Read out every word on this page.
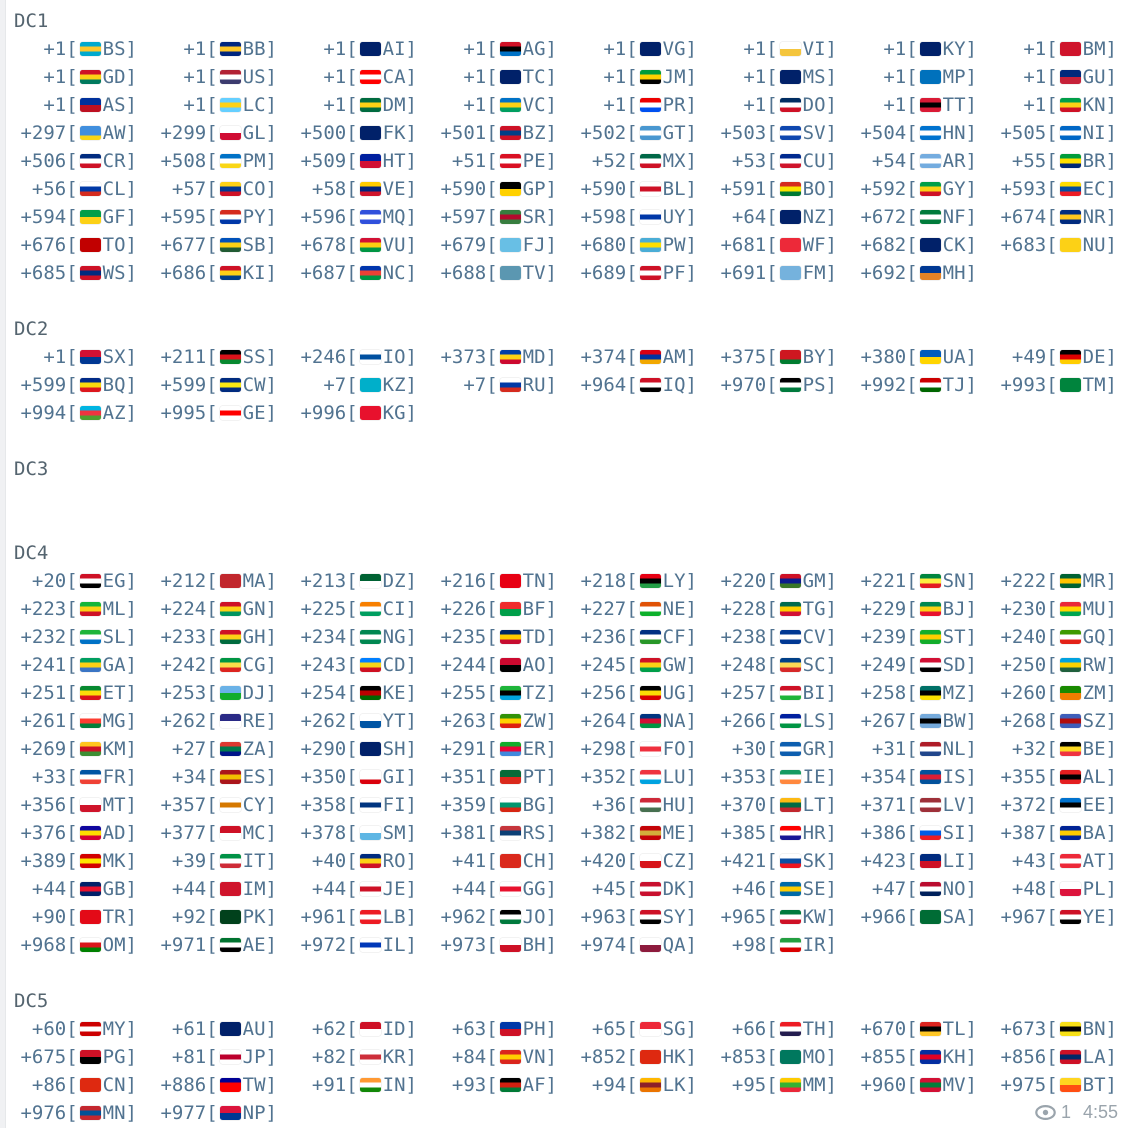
DC1
+1[ BS]	+1[ BB]	+1[ AI]	+1[ AG]	+1[ VG]	+1[ VI]	+1[ KY]	+1[ BM]
+1[ GD]	+1[ US]	+1[ CA]	+1[ TC]	+1[ JM]	+1[ MS]	+1[ MP]	+1[ GU]
+1[ AS]	+1[ LC]	+1[ DM]	+1[ VC]	+1[ PR]	+1[ DO]	+1[ TT]	+1[ KN]
+297[ AW]	+299[ GL]	+500[ FK]	+501[ BZ]	+502[ GT]	+503[ SV]	+504[ HN]	+505[ NI]
+506[ CR]	+508[ PM]	+509[ HT]	+51[ PE]	+52[ MX]	+53[ CU]	+54[ AR]	+55[ BR]
+56[ CL]	+57[ CO]	+58[ VE]	+590[ GP]	+590[ BL]	+591[ BO]	+592[ GY]	+593[ EC]
+594[ GF]	+595[ PY]	+596[ MQ]	+597[ SR]	+598[ UY]	+64[ NZ]	+672[ NF]	+674[ NR]
+676[ TO]	+677[ SB]	+678[ VU]	+679[ FJ]	+680[ PW]	+681[ WF]	+682[ CK]	+683[ NU]
+685[ WS]	+686[ KI]	+687[ NC]	+688[ TV]	+689[ PF]	+691[ FM]	+692[ MH]
DC2
+1[ SX]	+211[ SS]	+246[ IO]	+373[ MD]	+374[ AM]	+375[ BY]	+380[ UA]	+49[ DE]
+599[ BQ]	+599[ CW]	+7[ KZ]	+7[ RU]	+964[ IQ]	+970[ PS]	+992[ TJ]	+993[ TM]
+994[ AZ]	+995[ GE]	+996[ KG]
DC3
DC4
+20[ EG]	+212[ MA]	+213[ DZ]	+216[ TN]	+218[ LY]	+220[ GM]	+221[ SN]	+222[ MR]
+223[ ML]	+224[ GN]	+225[ CI]	+226[ BF]	+227[ NE]	+228[ TG]	+229[ BJ]	+230[ MU]
+232[ SL]	+233[ GH]	+234[ NG]	+235[ TD]	+236[ CF]	+238[ CV]	+239[ ST]	+240[ GQ]
+241[ GA]	+242[ CG]	+243[ CD]	+244[ AO]	+245[ GW]	+248[ SC]	+249[ SD]	+250[ RW]
+251[ ET]	+253[ DJ]	+254[ KE]	+255[ TZ]	+256[ UG]	+257[ BI]	+258[ MZ]	+260[ ZM]
+261[ MG]	+262[ RE]	+262[ YT]	+263[ ZW]	+264[ NA]	+266[ LS]	+267[ BW]	+268[ SZ]
+269[ KM]	+27[ ZA]	+290[ SH]	+291[ ER]	+298[ FO]	+30[ GR]	+31[ NL]	+32[ BE]
+33[ FR]	+34[ ES]	+350[ GI]	+351[ PT]	+352[ LU]	+353[ IE]	+354[ IS]	+355[ AL]
+356[ MT]	+357[ CY]	+358[ FI]	+359[ BG]	+36[ HU]	+370[ LT]	+371[ LV]	+372[ EE]
+376[ AD]	+377[ MC]	+378[ SM]	+381[ RS]	+382[ ME]	+385[ HR]	+386[ SI]	+387[ BA]
+389[ MK]	+39[ IT]	+40[ RO]	+41[ CH]	+420[ CZ]	+421[ SK]	+423[ LI]	+43[ AT]
+44[ GB]	+44[ IM]	+44[ JE]	+44[ GG]	+45[ DK]	+46[ SE]	+47[ NO]	+48[ PL]
+90[ TR]	+92[ PK]	+961[ LB]	+962[ JO]	+963[ SY]	+965[ KW]	+966[ SA]	+967[ YE]
+968[ OM]	+971[ AE]	+972[ IL]	+973[ BH]	+974[ QA]	+98[ IR]
DC5
+60[ MY]	+61[ AU]	+62[ ID]	+63[ PH]	+65[ SG]	+66[ TH]	+670[ TL]	+673[ BN]
+675[ PG]	+81[ JP]	+82[ KR]	+84[ VN]	+852[ HK]	+853[ MO]	+855[ KH]	+856[ LA]
+86[ CN]	+886[ TW]	+91[ IN]	+93[ AF]	+94[ LK]	+95[ MM]	+960[ MV]	+975[ BT]
+976[ MN]	+977[ NP]	1 4:55
